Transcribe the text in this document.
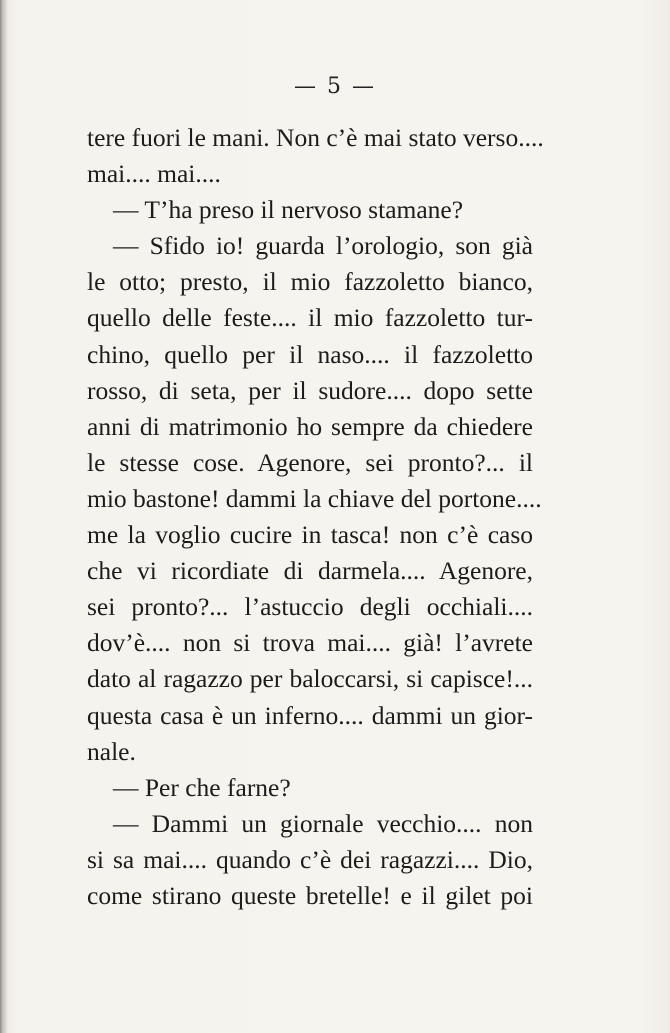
— 5 —
tere fuori le mani. Non c’è mai stato verso....
mai.... mai....
— T’ha preso il nervoso stamane?
— Sfido io! guarda l’orologio, son già
le otto; presto, il mio fazzoletto bianco,
quello delle feste.... il mio fazzoletto tur-
chino, quello per il naso.... il fazzoletto
rosso, di seta, per il sudore.... dopo sette
anni di matrimonio ho sempre da chiedere
le stesse cose. Agenore, sei pronto?... il
mio bastone! dammi la chiave del portone....
me la voglio cucire in tasca! non c’è caso
che vi ricordiate di darmela.... Agenore,
sei pronto?... l’astuccio degli occhiali....
dov’è.... non si trova mai.... già! l’avrete
dato al ragazzo per baloccarsi, si capisce!...
questa casa è un inferno.... dammi un gior-
nale.
— Per che farne?
— Dammi un giornale vecchio.... non
si sa mai.... quando c’è dei ragazzi.... Dio,
come stirano queste bretelle! e il gilet poi
